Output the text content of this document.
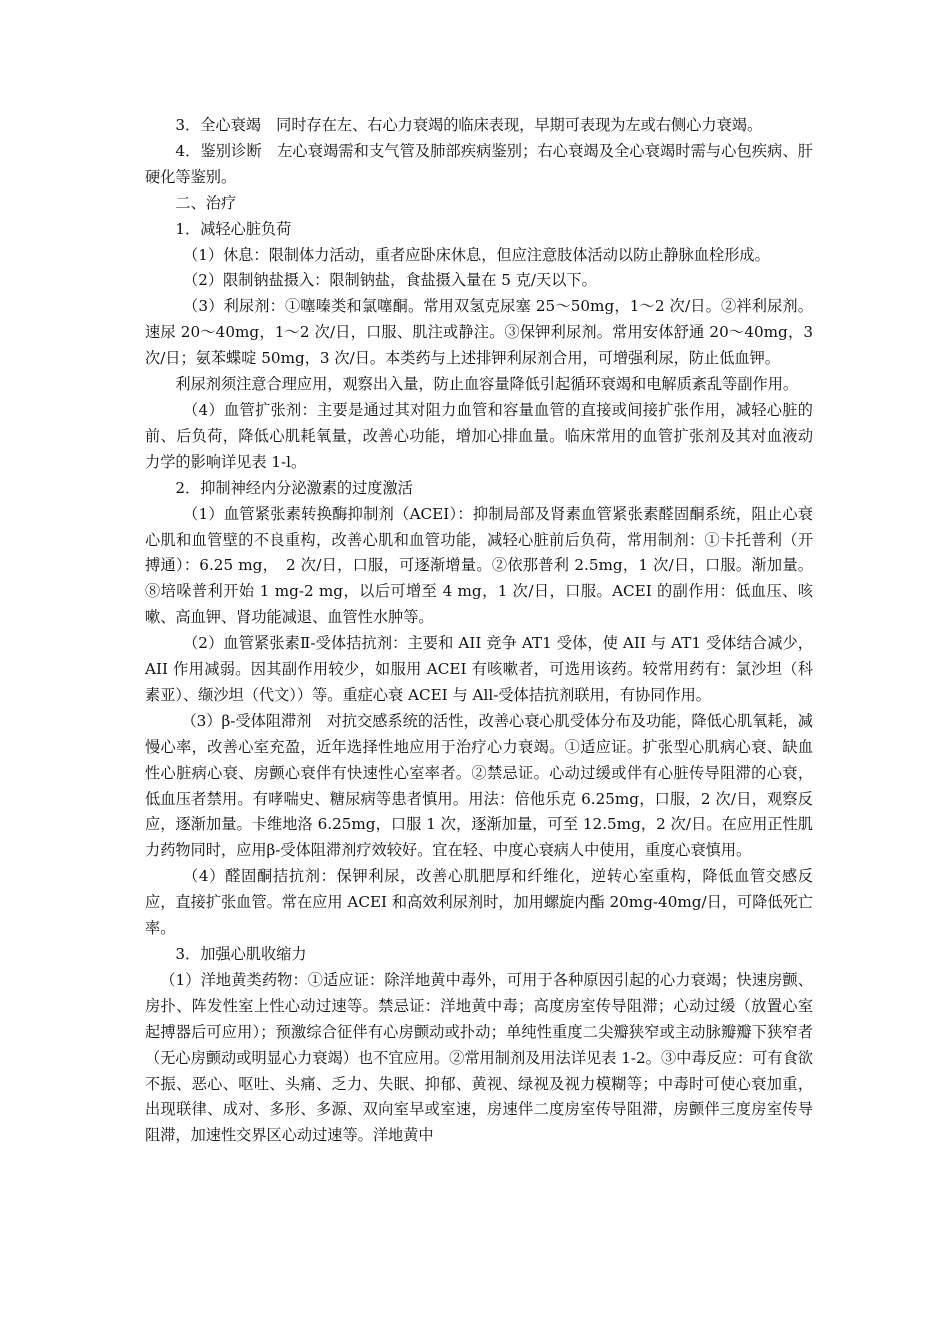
3．全心衰竭　同时存在左、右心力衰竭的临床表现，早期可表现为左或右侧心力衰竭。

4．鉴别诊断　左心衰竭需和支气管及肺部疾病鉴别；右心衰竭及全心衰竭时需与心包疾病、肝硬化等鉴别。

二、治疗

1．减轻心脏负荷

（1）休息：限制体力活动，重者应卧床休息，但应注意肢体活动以防止静脉血栓形成。

（2）限制钠盐摄入：限制钠盐，食盐摄入量在 5 克/天以下。

（3）利尿剂：①噻嗪类和氯噻酮。常用双氢克尿塞 25～50mg，1～2 次/日。②袢利尿剂。速尿 20～40mg，1～2 次/日，口服、肌注或静注。③保钾利尿剂。常用安体舒通 20～40mg，3 次/日；氨苯蝶啶 50mg，3 次/日。本类药与上述排钾利尿剂合用，可增强利尿，防止低血钾。

利尿剂须注意合理应用，观察出入量，防止血容量降低引起循环衰竭和电解质紊乱等副作用。

（4）血管扩张剂：主要是通过其对阻力血管和容量血管的直接或间接扩张作用，减轻心脏的前、后负荷，降低心肌耗氧量，改善心功能，增加心排血量。临床常用的血管扩张剂及其对血液动力学的影响详见表 1-l。

2．抑制神经内分泌激素的过度激活

（1）血管紧张素转换酶抑制剂（ACEI）：抑制局部及肾素血管紧张素醛固酮系统，阻止心衰心肌和血管壁的不良重构，改善心肌和血管功能，减轻心脏前后负荷，常用制剂：①卡托普利（开搏通）：6.25 mg，　2 次/日，口服，可逐渐增量。②依那普利 2.5mg，1 次/日，口服。渐加量。⑧培哚普利开始 1 mg-2 mg，以后可增至 4 mg，1 次/日，口服。ACEI 的副作用：低血压、咳嗽、高血钾、肾功能减退、血管性水肿等。

（2）血管紧张素Ⅱ-受体拮抗剂：主要和 AII 竞争 AT1 受体，使 AII 与 AT1 受体结合减少，AII 作用减弱。因其副作用较少，如服用 ACEI 有咳嗽者，可选用该药。较常用药有：氯沙坦（科素亚）、缬沙坦（代文））等。重症心衰 ACEI 与 All-受体拮抗剂联用，有协同作用。

（3）β-受体阻滞剂　对抗交感系统的活性，改善心衰心肌受体分布及功能，降低心肌氧耗，减慢心率，改善心室充盈，近年选择性地应用于治疗心力衰竭。①适应证。扩张型心肌病心衰、缺血性心脏病心衰、房颤心衰伴有快速性心室率者。②禁忌证。心动过缓或伴有心脏传导阻滞的心衰，低血压者禁用。有哮喘史、糖尿病等患者慎用。用法：倍他乐克 6.25mg，口服，2 次/日，观察反应，逐渐加量。卡维地洛 6.25mg，口服 1 次，逐渐加量，可至 12.5mg，2 次/日。在应用正性肌力药物同时，应用β-受体阻滞剂疗效较好。宜在轻、中度心衰病人中使用，重度心衰慎用。

（4）醛固酮拮抗剂：保钾利尿，改善心肌肥厚和纤维化，逆转心室重构，降低血管交感反应，直接扩张血管。常在应用 ACEI 和高效利尿剂时，加用螺旋内酯 20mg-40mg/日，可降低死亡率。

3．加强心肌收缩力

（1）洋地黄类药物：①适应证：除洋地黄中毒外，可用于各种原因引起的心力衰竭；快速房颤、房扑、阵发性室上性心动过速等。禁忌证：洋地黄中毒；高度房室传导阻滞；心动过缓（放置心室起搏器后可应用）；预激综合征伴有心房颤动或扑动；单纯性重度二尖瓣狭窄或主动脉瓣瓣下狭窄者（无心房颤动或明显心力衰竭）也不宜应用。②常用制剂及用法详见表 1-2。③中毒反应：可有食欲不振、恶心、呕吐、头痛、乏力、失眠、抑郁、黄视、绿视及视力模糊等；中毒时可使心衰加重，出现联律、成对、多形、多源、双向室早或室速，房速伴二度房室传导阻滞，房颤伴三度房室传导阻滞，加速性交界区心动过速等。洋地黄中
